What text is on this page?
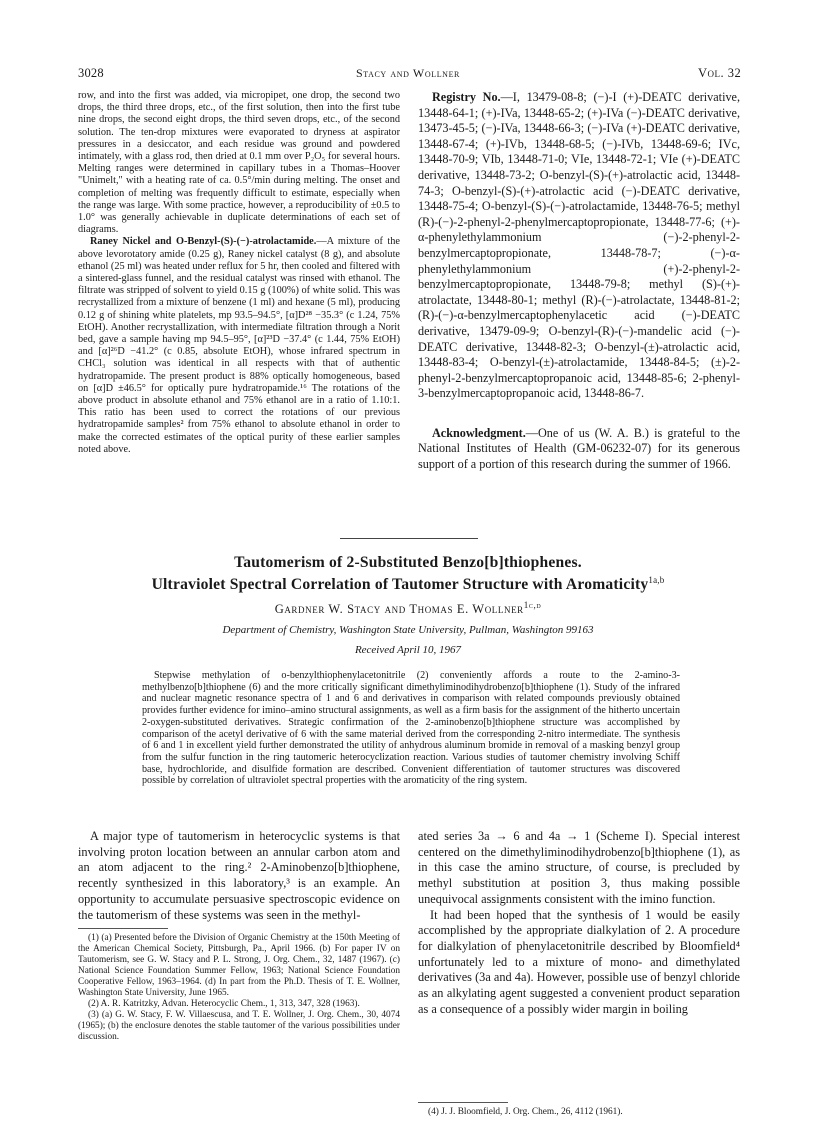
3028	Stacy and Wollner	Vol. 32

row, and into the first was added, via micropipet, one drop, the second two drops, the third three drops, etc., of the first solution, then into the first tube nine drops, the second eight drops, the third seven drops, etc., of the second solution. The ten-drop mixtures were evaporated to dryness at aspirator pressures in a desiccator, and each residue was ground and powdered intimately, with a glass rod, then dried at 0.1 mm over P₂O₅ for several hours. Melting ranges were determined in capillary tubes in a Thomas–Hoover "Unimelt," with a heating rate of ca. 0.5°/min during melting. The onset and completion of melting was frequently difficult to estimate, especially when the range was large. With some practice, however, a reproducibility of ±0.5 to 1.0° was generally achievable in duplicate determinations of each set of diagrams.

Raney Nickel and O-Benzyl-(S)-(−)-atrolactamide.—A mixture of the above levorotatory amide (0.25 g), Raney nickel catalyst (8 g), and absolute ethanol (25 ml) was heated under reflux for 5 hr, then cooled and filtered with a sintered-glass funnel, and the residual catalyst was rinsed with ethanol. The filtrate was stripped of solvent to yield 0.15 g (100%) of white solid. This was recrystallized from a mixture of benzene (1 ml) and hexane (5 ml), producing 0.12 g of shining white platelets, mp 93.5–94.5°, [α]D²⁸ −35.3° (c 1.24, 75% EtOH). Another recrystallization, with intermediate filtration through a Norit bed, gave a sample having mp 94.5–95°, [α]²³D −37.4° (c 1.44, 75% EtOH) and [α]²⁶D −41.2° (c 0.85, absolute EtOH), whose infrared spectrum in CHCl₃ solution was identical in all respects with that of authentic hydratropamide. The present product is 88% optically homogeneous, based on [α]D ±46.5° for optically pure hydratropamide.¹⁶ The rotations of the above product in absolute ethanol and 75% ethanol are in a ratio of 1.10:1. This ratio has been used to correct the rotations of our previous hydratropamide samples² from 75% ethanol to absolute ethanol in order to make the corrected estimates of the optical purity of these earlier samples noted above.

Registry No.—I, 13479-08-8; (−)-I (+)-DEATC derivative, 13448-64-1; (+)-IVa, 13448-65-2; (+)-IVa (−)-DEATC derivative, 13473-45-5; (−)-IVa, 13448-66-3; (−)-IVa (+)-DEATC derivative, 13448-67-4; (+)-IVb, 13448-68-5; (−)-IVb, 13448-69-6; IVc, 13448-70-9; VIb, 13448-71-0; VIe, 13448-72-1; VIe (+)-DEATC derivative, 13448-73-2; O-benzyl-(S)-(+)-atrolactic acid, 13448-74-3; O-benzyl-(S)-(+)-atrolactic acid (−)-DEATC derivative, 13448-75-4; O-benzyl-(S)-(−)-atrolactamide, 13448-76-5; methyl (R)-(−)-2-phenyl-2-phenylmercaptopropionate, 13448-77-6; (+)-α-phenylethylammonium (−)-2-phenyl-2-benzylmercaptopropionate, 13448-78-7; (−)-α-phenylethylammonium (+)-2-phenyl-2-benzylmercaptopropionate, 13448-79-8; methyl (S)-(+)-atrolactate, 13448-80-1; methyl (R)-(−)-atrolactate, 13448-81-2; (R)-(−)-α-benzylmercaptophenylacetic acid (−)-DEATC derivative, 13479-09-9; O-benzyl-(R)-(−)-mandelic acid (−)-DEATC derivative, 13448-82-3; O-benzyl-(±)-atrolactic acid, 13448-83-4; O-benzyl-(±)-atrolactamide, 13448-84-5; (±)-2-phenyl-2-benzylmercaptopropanoic acid, 13448-85-6; 2-phenyl-3-benzylmercaptopropanoic acid, 13448-86-7.

Acknowledgment.—One of us (W. A. B.) is grateful to the National Institutes of Health (GM-06232-07) for its generous support of a portion of this research during the summer of 1966.

Tautomerism of 2-Substituted Benzo[b]thiophenes.
Ultraviolet Spectral Correlation of Tautomer Structure with Aromaticity$^{1a,b}$
Gardner W. Stacy and Thomas E. Wollner$^{1c,d}$
Department of Chemistry, Washington State University, Pullman, Washington 99163
Received April 10, 1967

Stepwise methylation of o-benzylthiophenylacetonitrile (2) conveniently affords a route to the 2-amino-3-methylbenzo[b]thiophene (6) and the more critically significant dimethyliminodihydrobenzo[b]thiophene (1). Study of the infrared and nuclear magnetic resonance spectra of 1 and 6 and derivatives in comparison with related compounds previously obtained provides further evidence for imino–amino structural assignments, as well as a firm basis for the assignment of the hitherto uncertain 2-oxygen-substituted derivatives. Strategic confirmation of the 2-aminobenzo[b]thiophene structure was accomplished by comparison of the acetyl derivative of 6 with the same material derived from the corresponding 2-nitro intermediate. The synthesis of 6 and 1 in excellent yield further demonstrated the utility of anhydrous aluminum bromide in removal of a masking benzyl group from the sulfur function in the ring tautomeric heterocyclization reaction. Various studies of tautomer chemistry involving Schiff base, hydrochloride, and disulfide formation are described. Convenient differentiation of tautomer structures was discovered possible by correlation of ultraviolet spectral properties with the aromaticity of the ring system.

A major type of tautomerism in heterocyclic systems is that involving proton location between an annular carbon atom and an atom adjacent to the ring.² 2-Aminobenzo[b]thiophene, recently synthesized in this laboratory,³ is an example. An opportunity to accumulate persuasive spectroscopic evidence on the tautomerism of these systems was seen in the methyl-

(1) (a) Presented before the Division of Organic Chemistry at the 150th Meeting of the American Chemical Society, Pittsburgh, Pa., April 1966. (b) For paper IV on Tautomerism, see G. W. Stacy and P. L. Strong, J. Org. Chem., 32, 1487 (1967). (c) National Science Foundation Summer Fellow, 1963; National Science Foundation Cooperative Fellow, 1963–1964. (d) In part from the Ph.D. Thesis of T. E. Wollner, Washington State University, June 1965.

(2) A. R. Katritzky, Advan. Heterocyclic Chem., 1, 313, 347, 328 (1963).

(3) (a) G. W. Stacy, F. W. Villaescusa, and T. E. Wollner, J. Org. Chem., 30, 4074 (1965); (b) the enclosure denotes the stable tautomer of the various possibilities under discussion.

ated series 3a → 6 and 4a → 1 (Scheme I). Special interest centered on the dimethyliminodihydrobenzo[b]thiophene (1), as in this case the amino structure, of course, is precluded by methyl substitution at position 3, thus making possible unequivocal assignments consistent with the imino function.

It had been hoped that the synthesis of 1 would be easily accomplished by the appropriate dialkylation of 2. A procedure for dialkylation of phenylacetonitrile described by Bloomfield⁴ unfortunately led to a mixture of mono- and dimethylated derivatives (3a and 4a). However, possible use of benzyl chloride as an alkylating agent suggested a convenient product separation as a consequence of a possibly wider margin in boiling

(4) J. J. Bloomfield, J. Org. Chem., 26, 4112 (1961).
